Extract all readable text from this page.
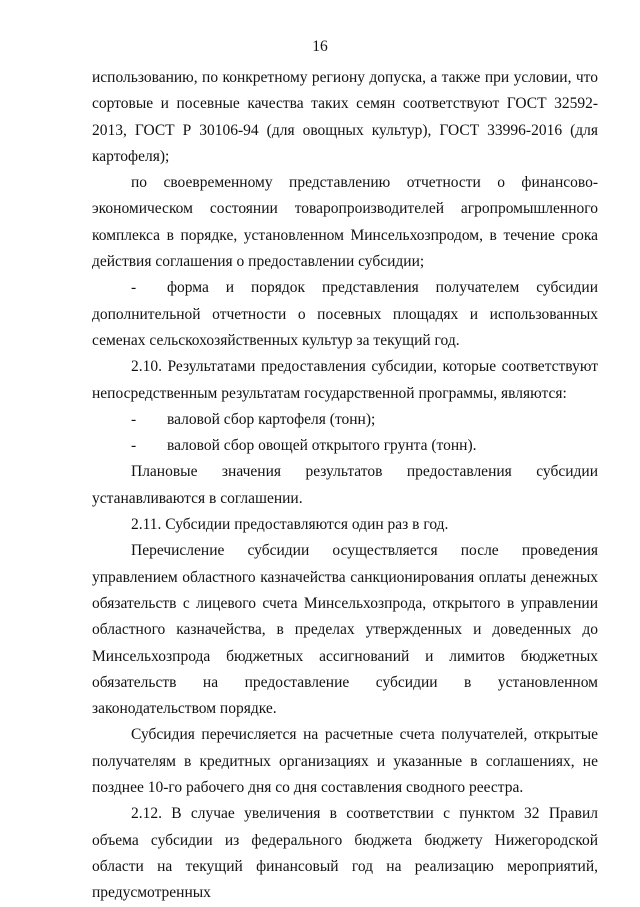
16

использованию, по конкретному региону допуска, а также при условии, что сортовые и посевные качества таких семян соответствуют ГОСТ 32592-2013, ГОСТ Р 30106-94 (для овощных культур), ГОСТ 33996-2016 (для картофеля);

по своевременному представлению отчетности о финансово-экономическом состоянии товаропроизводителей агропромышленного комплекса в порядке, установленном Минсельхозпродом, в течение срока действия соглашения о предоставлении субсидии;

- форма и порядок представления получателем субсидии дополнительной отчетности о посевных площадях и использованных семенах сельскохозяйственных культур за текущий год.

2.10. Результатами предоставления субсидии, которые соответствуют непосредственным результатам государственной программы, являются:

-	валовой сбор картофеля (тонн);
-	валовой сбор овощей открытого грунта (тонн).

Плановые значения результатов предоставления субсидии устанавливаются в соглашении.

2.11. Субсидии предоставляются один раз в год.

Перечисление субсидии осуществляется после проведения управлением областного казначейства санкционирования оплаты денежных обязательств с лицевого счета Минсельхозпрода, открытого в управлении областного казначейства, в пределах утвержденных и доведенных до Минсельхозпрода бюджетных ассигнований и лимитов бюджетных обязательств на предоставление субсидии в установленном законодательством порядке.

Субсидия перечисляется на расчетные счета получателей, открытые получателям в кредитных организациях и указанные в соглашениях, не позднее 10-го рабочего дня со дня составления сводного реестра.

2.12. В случае увеличения в соответствии с пунктом 32 Правил объема субсидии из федерального бюджета бюджету Нижегородской области на текущий финансовый год на реализацию мероприятий, предусмотренных
